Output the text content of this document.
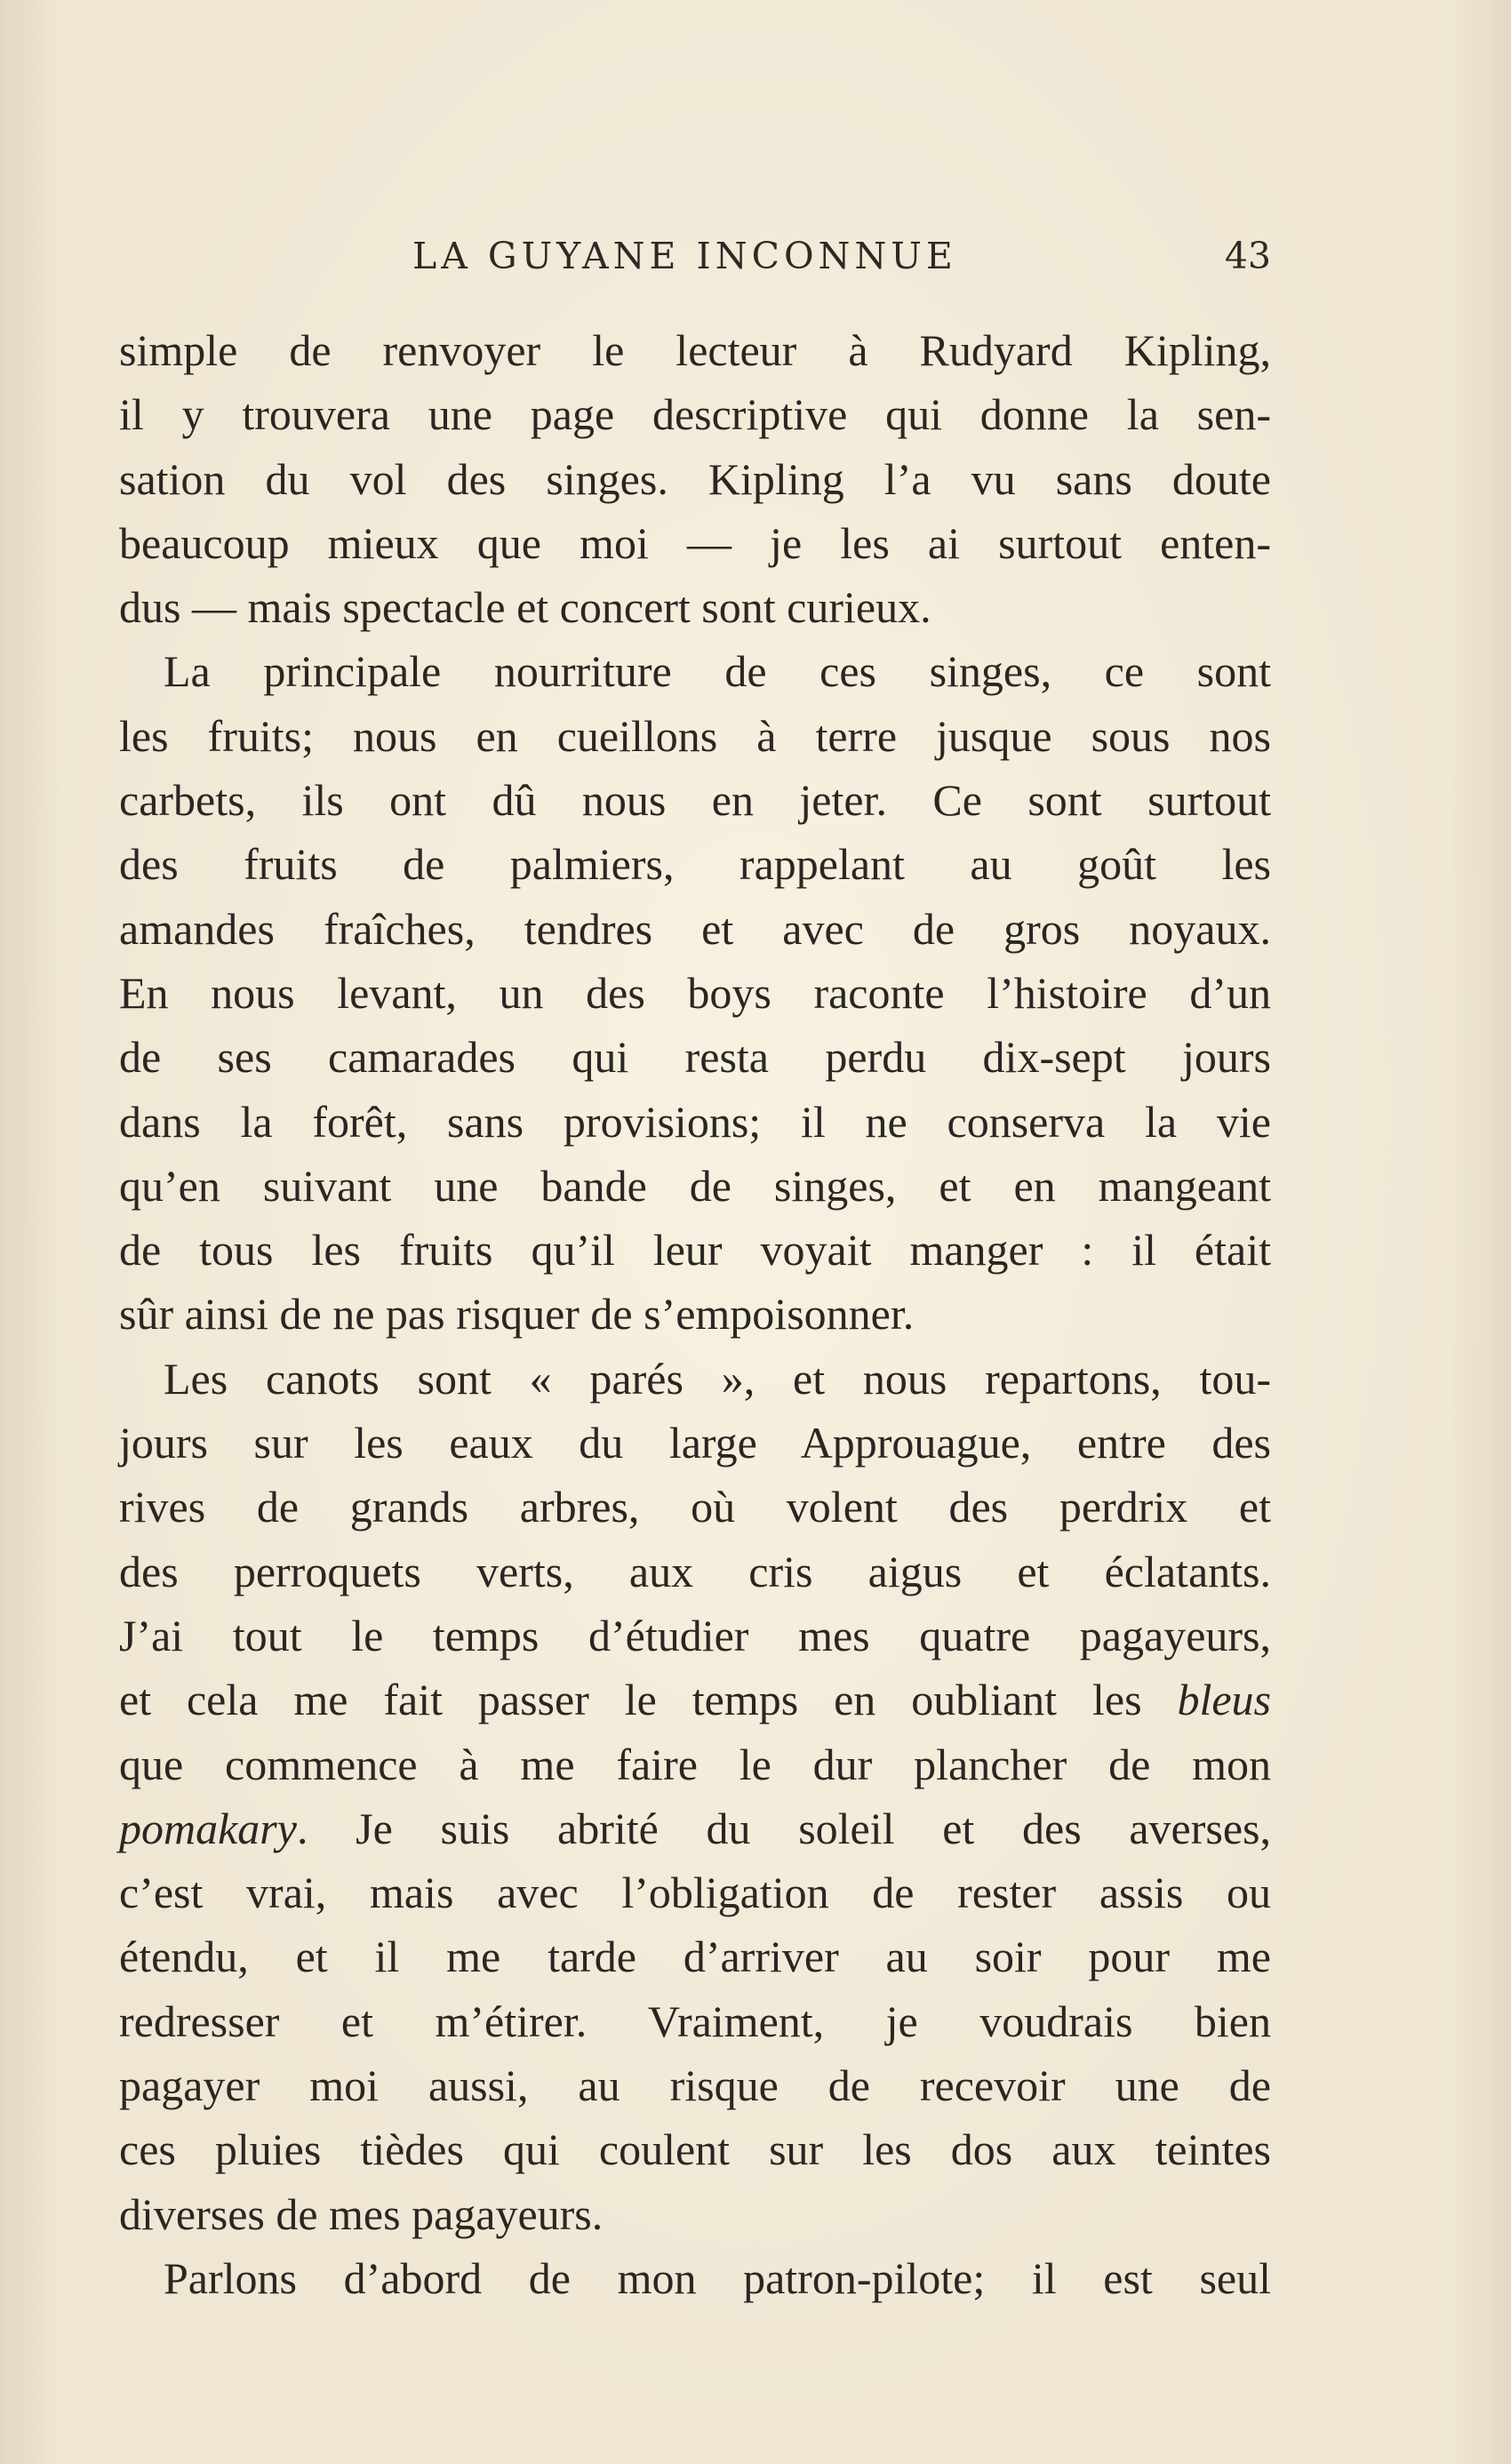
LA GUYANE INCONNUE	43
simple de renvoyer le lecteur à Rudyard Kipling,
il y trouvera une page descriptive qui donne la sen-
sation du vol des singes. Kipling l’a vu sans doute
beaucoup mieux que moi — je les ai surtout enten-
dus — mais spectacle et concert sont curieux.
La principale nourriture de ces singes, ce sont
les fruits; nous en cueillons à terre jusque sous nos
carbets, ils ont dû nous en jeter. Ce sont surtout
des fruits de palmiers, rappelant au goût les
amandes fraîches, tendres et avec de gros noyaux.
En nous levant, un des boys raconte l’histoire d’un
de ses camarades qui resta perdu dix-sept jours
dans la forêt, sans provisions; il ne conserva la vie
qu’en suivant une bande de singes, et en mangeant
de tous les fruits qu’il leur voyait manger : il était
sûr ainsi de ne pas risquer de s’empoisonner.
Les canots sont « parés », et nous repartons, tou-
jours sur les eaux du large Approuague, entre des
rives de grands arbres, où volent des perdrix et
des perroquets verts, aux cris aigus et éclatants.
J’ai tout le temps d’étudier mes quatre pagayeurs,
et cela me fait passer le temps en oubliant les bleus
que commence à me faire le dur plancher de mon
pomakary. Je suis abrité du soleil et des averses,
c’est vrai, mais avec l’obligation de rester assis ou
étendu, et il me tarde d’arriver au soir pour me
redresser et m’étirer. Vraiment, je voudrais bien
pagayer moi aussi, au risque de recevoir une de
ces pluies tièdes qui coulent sur les dos aux teintes
diverses de mes pagayeurs.
Parlons d’abord de mon patron-pilote; il est seul
